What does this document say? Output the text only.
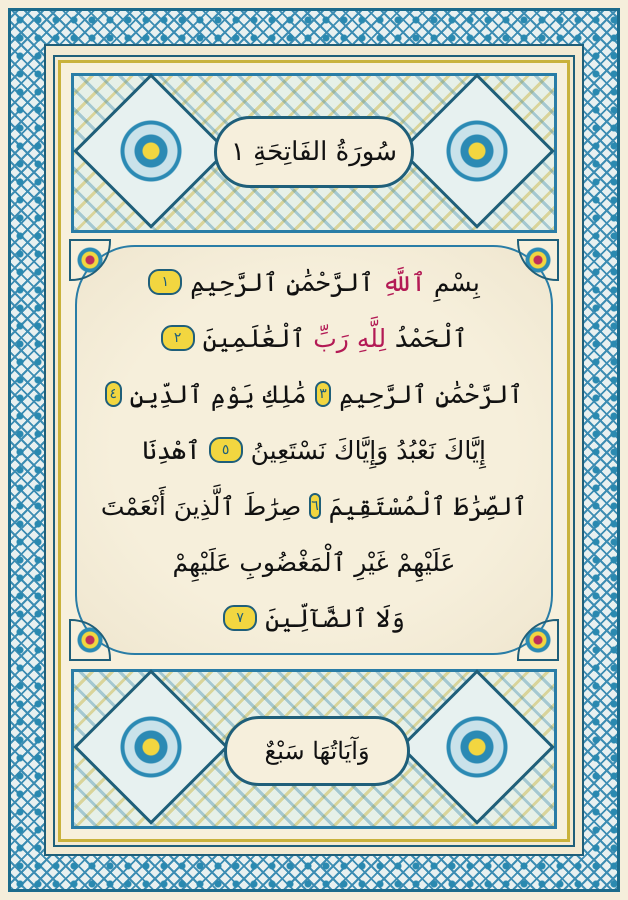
سُورَةُ الفَاتِحَةِ ١
بِسْمِ
ٱللَّهِ
ٱلرَّحْمَٰنِ ٱلرَّحِيمِ
١
ٱلْحَمْدُ
لِلَّهِ
رَبِّ
ٱلْعَٰلَمِينَ
٢
ٱلرَّحْمَٰنِ ٱلرَّحِيمِ
٣
مَٰلِكِ يَوْمِ ٱلدِّينِ
٤
إِيَّاكَ نَعْبُدُ وَإِيَّاكَ نَسْتَعِينُ
٥
ٱهْدِنَا
ٱلصِّرَٰطَ ٱلْمُسْتَقِيمَ
٦
صِرَٰطَ ٱلَّذِينَ أَنْعَمْتَ
عَلَيْهِمْ غَيْرِ ٱلْمَغْضُوبِ عَلَيْهِمْ
وَلَا ٱلضَّآلِّينَ
٧
وَآيَاتُهَا سَبْعٌ
